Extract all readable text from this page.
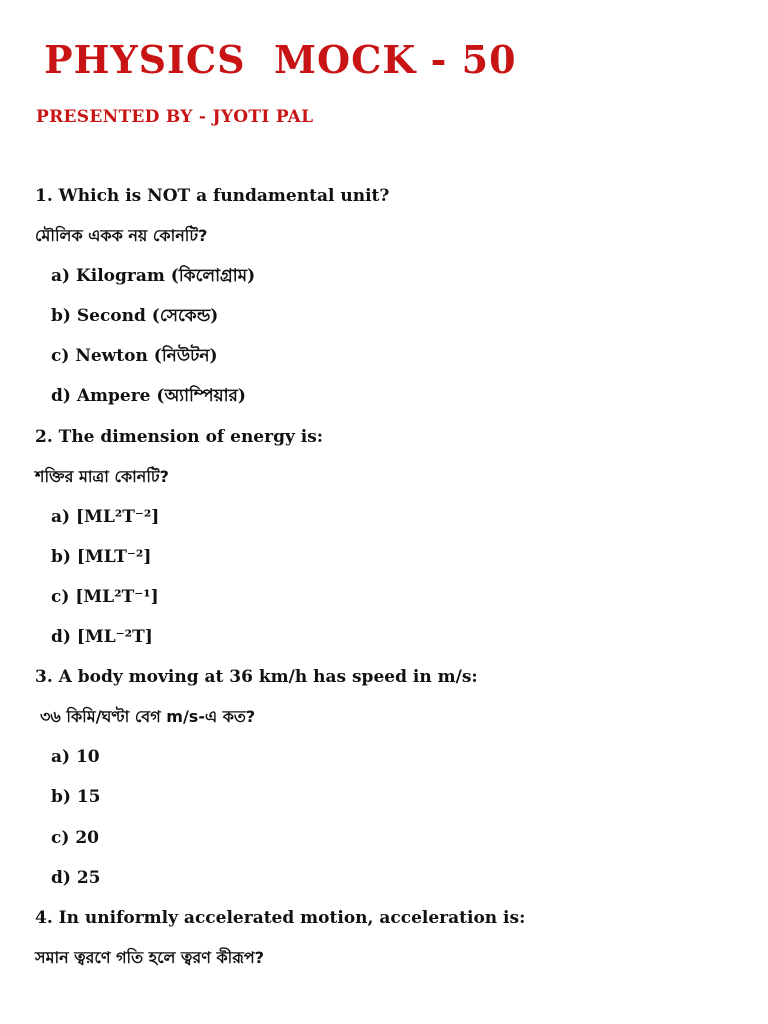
PHYSICS  MOCK - 50
PRESENTED BY - JYOTI PAL
1. Which is NOT a fundamental unit?
মৌলিক একক নয় কোনটি?
a) Kilogram (কিলোগ্রাম)
b) Second (সেকেন্ড)
c) Newton (নিউটন)
d) Ampere (অ্যাম্পিয়ার)
2. The dimension of energy is:
শক্তির মাত্রা কোনটি?
a) [ML²T⁻²]
b) [MLT⁻²]
c) [ML²T⁻¹]
d) [ML⁻²T]
3. A body moving at 36 km/h has speed in m/s:
৩৬ কিমি/ঘণ্টা বেগ m/s-এ কত?
a) 10
b) 15
c) 20
d) 25
4. In uniformly accelerated motion, acceleration is:
সমান ত্বরণে গতি হলে ত্বরণ কীরূপ?
